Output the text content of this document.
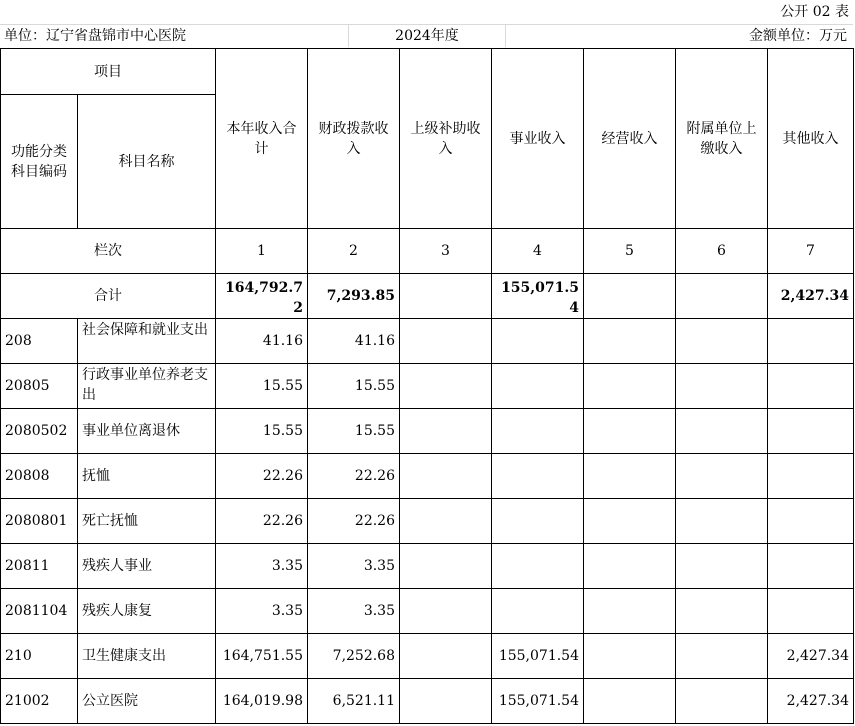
公开 02 表
单位：辽宁省盘锦市中心医院	2024年度	金额单位：万元
项目		本年收入合计	财政拨款收入	上级补助收入	事业收入	经营收入	附属单位上缴收入	其他收入
功能分类科目编码	科目名称							
栏次		1	2	3	4	5	6	7
合计		164,792.72	7,293.85		155,071.54			2,427.34
208	社会保障和就业支出	41.16	41.16					
20805	行政事业单位养老支出	15.55	15.55					
2080502	事业单位离退休	15.55	15.55					
20808	抚恤	22.26	22.26					
2080801	死亡抚恤	22.26	22.26					
20811	残疾人事业	3.35	3.35					
2081104	残疾人康复	3.35	3.35					
210	卫生健康支出	164,751.55	7,252.68		155,071.54			2,427.34
21002	公立医院	164,019.98	6,521.11		155,071.54			2,427.34
